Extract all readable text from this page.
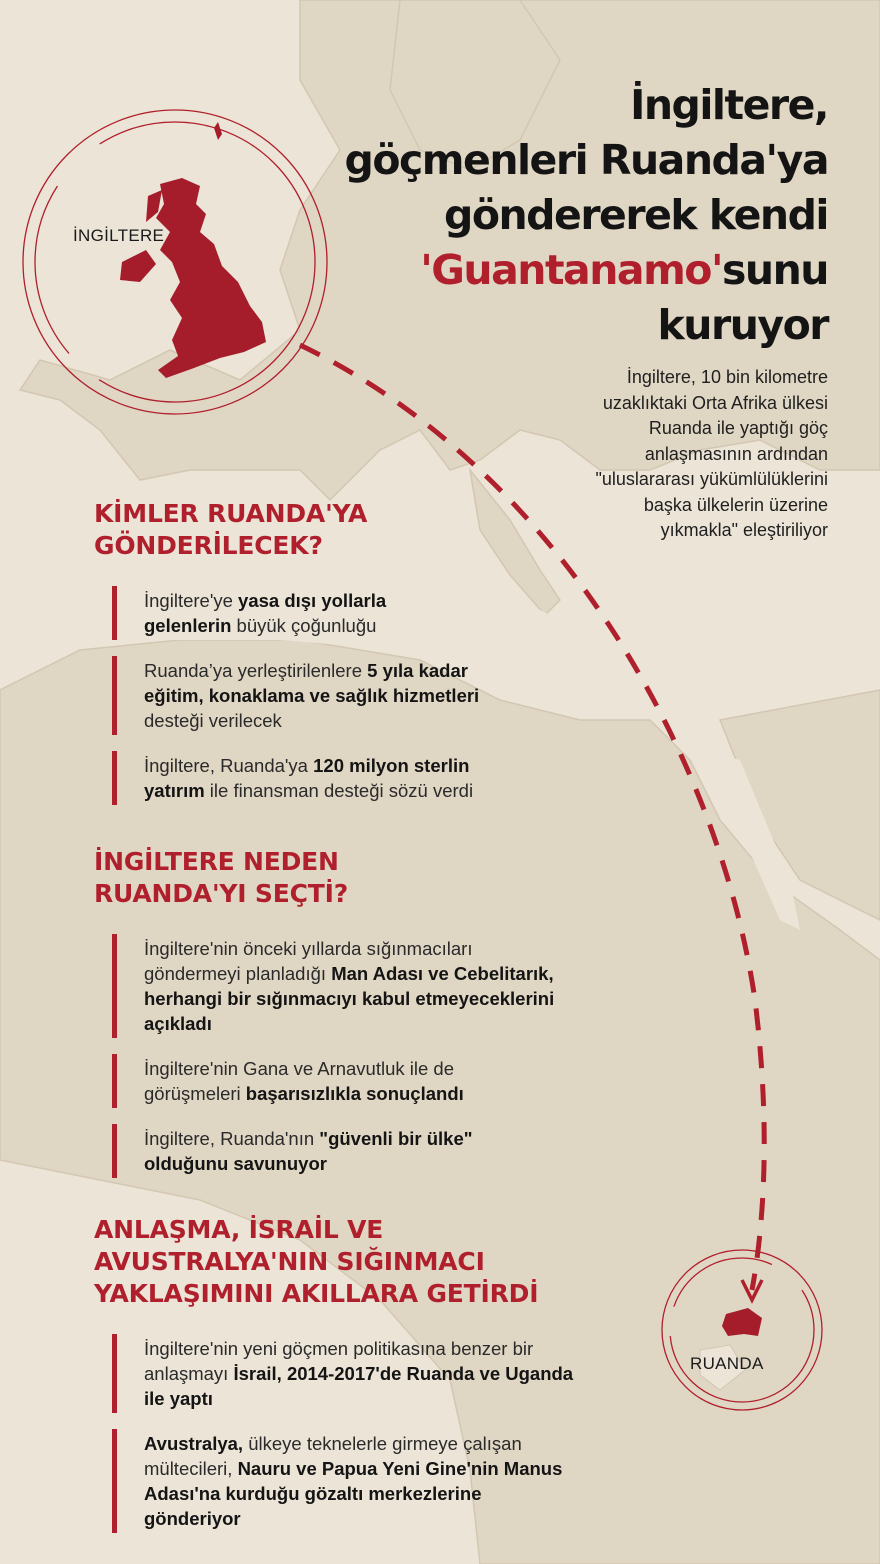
İngiltere,
göçmenleri Ruanda'ya
göndererek kendi
'Guantanamo'sunu
kuruyor
İngiltere, 10 bin kilometre uzaklıktaki Orta Afrika ülkesi Ruanda ile yaptığı göç anlaşmasının ardından "uluslararası yükümlülüklerini başka ülkelerin üzerine yıkmakla" eleştiriliyor
İNGİLTERE
RUANDA
KİMLER RUANDA'YA
GÖNDERİLECEK?
İngiltere'ye yasa dışı yollarla gelenlerin büyük çoğunluğu
Ruanda’ya yerleştirilenlere 5 yıla kadar eğitim, konaklama ve sağlık hizmetleri desteği verilecek
İngiltere, Ruanda'ya 120 milyon sterlin yatırım ile finansman desteği sözü verdi
İNGİLTERE NEDEN
RUANDA'YI SEÇTİ?
İngiltere'nin önceki yıllarda sığınmacıları göndermeyi planladığı Man Adası ve Cebelitarık, herhangi bir sığınmacıyı kabul etmeyeceklerini açıkladı
İngiltere'nin Gana ve Arnavutluk ile de görüşmeleri başarısızlıkla sonuçlandı
İngiltere, Ruanda'nın "güvenli bir ülke" olduğunu savunuyor
ANLAŞMA, İSRAİL VE
AVUSTRALYA'NIN SIĞINMACI
YAKLAŞIMINI AKILLARA GETİRDİ
İngiltere'nin yeni göçmen politikasına benzer bir anlaşmayı İsrail, 2014-2017'de Ruanda ve Uganda ile yaptı
Avustralya, ülkeye teknelerle girmeye çalışan mültecileri, Nauru ve Papua Yeni Gine'nin Manus Adası'na kurduğu gözaltı merkezlerine gönderiyor
